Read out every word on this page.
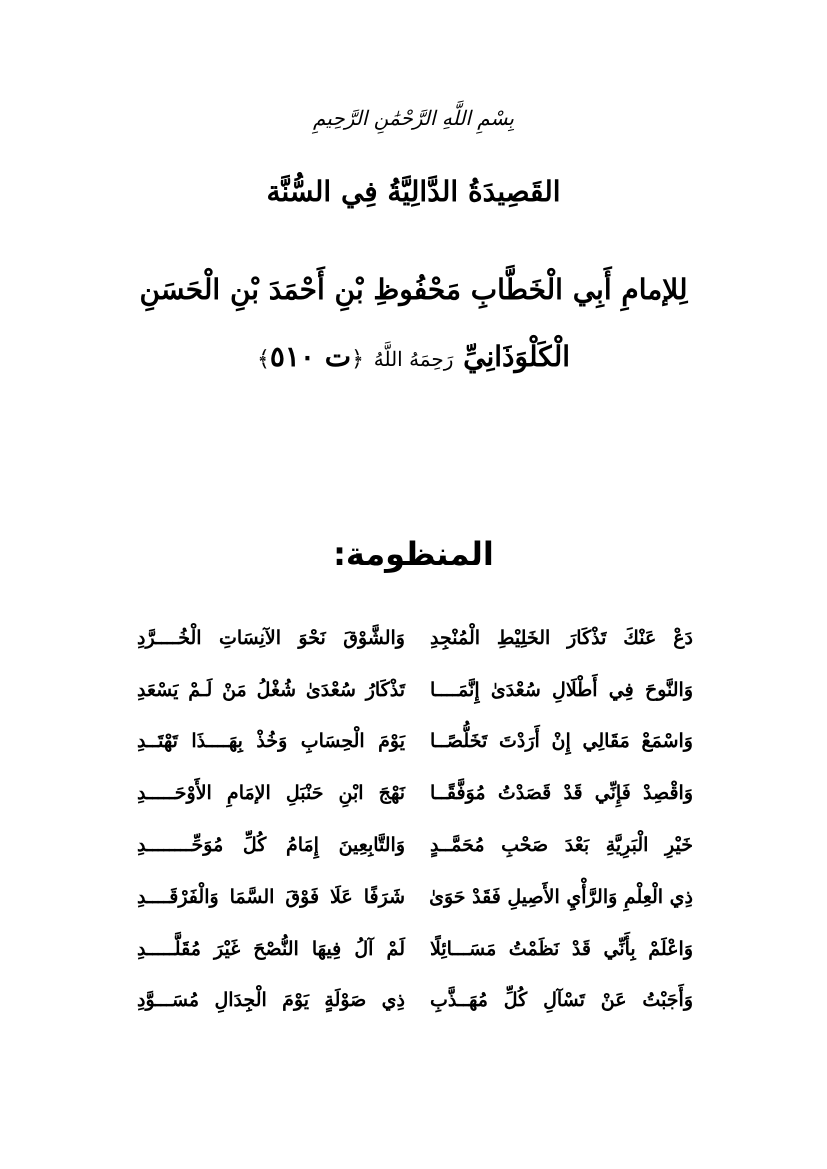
بِسْمِ اللَّهِ الرَّحْمَٰنِ الرَّحِيمِ
القَصِيدَةُ الدَّالِيَّةُ فِي السُّنَّة
لِلإمامِ أَبِي الْخَطَّابِ مَحْفُوظِ بْنِ أَحْمَدَ بْنِ الْحَسَنِ
الْكَلْوَذَانِيِّ رَحِمَهُ اللَّهُ ﴿ت ٥١٠﴾
المنظومة:
دَعْ عَنْكَ تَذْكَارَ الخَلِيْطِ الْمُنْجِدِ
وَالشَّوْقَ نَحْوَ الآنِسَاتِ الْخُــــرَّدِ
وَالنَّوحَ فِي أَطْلَالِ سُعْدَىٰ إِنَّمَــــا
تَذْكَارُ سُعْدَىٰ شُغْلُ مَنْ لَـمْ يَسْعَدِ
وَاسْمَعْ مَقَالِي إِنْ أَرَدْتَ تَخَلُّصًــا
يَوْمَ الْحِسَابِ وَخُذْ بِهَــــذَا تَهْتَــدِ
وَاقْصِدْ فَإِنِّي قَدْ قَصَدْتُ مُوَفَّقًــا
نَهْجَ ابْنِ حَنْبَلِ الإمَامِ الأَوْحَـــــدِ
خَيْرِ الْبَرِيَّةِ بَعْدَ صَحْبِ مُحَمَّــدٍ
وَالتَّابِعِينَ إِمَامُ كُلِّ مُوَحِّــــــــدِ
ذِي الْعِلْمِ وَالرَّأْيِ الأَصِيلِ فَقَدْ حَوَىٰ
شَرَفًا عَلَا فَوْقَ السَّمَا وَالْفَرْقَــــدِ
وَاعْلَمْ بِأَنِّي قَدْ نَظَمْتُ مَسَـــائِلًا
لَمْ آلُ فِيهَا النُّصْحَ غَيْرَ مُقَلَّـــــدِ
وَأَجَبْتُ عَنْ تَسْآلِ كُلِّ مُهَــذَّبِ
ذِي صَوْلَةٍ يَوْمَ الْجِدَالِ مُسَـــوَّدِ
